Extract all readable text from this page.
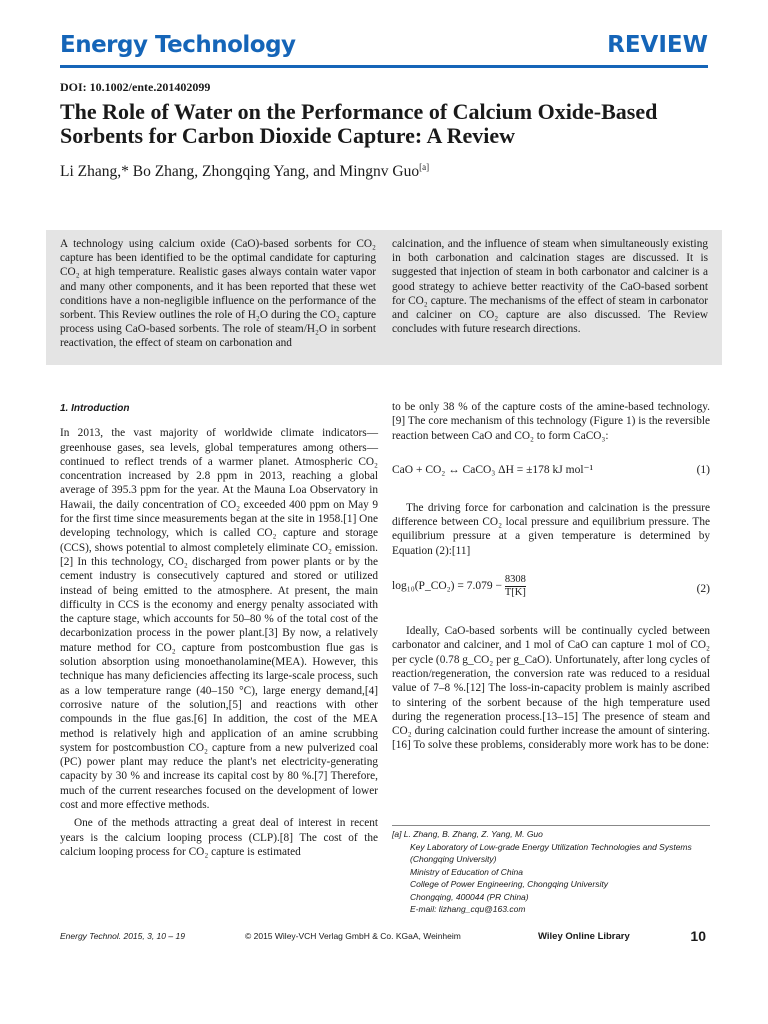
Energy Technology	REVIEW
DOI: 10.1002/ente.201402099
The Role of Water on the Performance of Calcium Oxide-Based Sorbents for Carbon Dioxide Capture: A Review
Li Zhang,* Bo Zhang, Zhongqing Yang, and Mingnv Guo[a]
A technology using calcium oxide (CaO)-based sorbents for CO₂ capture has been identified to be the optimal candidate for capturing CO₂ at high temperature. Realistic gases always contain water vapor and many other components, and it has been reported that these wet conditions have a non-negligible influence on the performance of the sorbent. This Review outlines the role of H₂O during the CO₂ capture process using CaO-based sorbents. The role of steam/H₂O in sorbent reactivation, the effect of steam on carbonation and
calcination, and the influence of steam when simultaneously existing in both carbonation and calcination stages are discussed. It is suggested that injection of steam in both carbonator and calciner is a good strategy to achieve better reactivity of the CaO-based sorbent for CO₂ capture. The mechanisms of the effect of steam in carbonator and calciner on CO₂ capture are also discussed. The Review concludes with future research directions.
1. Introduction

In 2013, the vast majority of worldwide climate indicators—greenhouse gases, sea levels, global temperatures among others—continued to reflect trends of a warmer planet. Atmospheric CO₂ concentration increased by 2.8 ppm in 2013, reaching a global average of 395.3 ppm for the year. At the Mauna Loa Observatory in Hawaii, the daily concentration of CO₂ exceeded 400 ppm on May 9 for the first time since measurements began at the site in 1958.[1] One developing technology, which is called CO₂ capture and storage (CCS), shows potential to almost completely eliminate CO₂ emission.[2] In this technology, CO₂ discharged from power plants or by the cement industry is consecutively captured and stored or utilized instead of being emitted to the atmosphere. At present, the main difficulty in CCS is the economy and energy penalty associated with the capture stage, which accounts for 50–80 % of the total cost of the decarbonization process in the power plant.[3] By now, a relatively mature method for CO₂ capture from postcombustion flue gas is solution absorption using monoethanolamine(MEA). However, this technique has many deficiencies affecting its large-scale process, such as a low temperature range (40–150 °C), large energy demand,[4] corrosive nature of the solution,[5] and reactions with other compounds in the flue gas.[6] In addition, the cost of the MEA method is relatively high and application of an amine scrubbing system for postcombustion CO₂ capture from a new pulverized coal (PC) power plant may reduce the plant's net electricity-generating capacity by 30 % and increase its capital cost by 80 %.[7] Therefore, much of the current researches focused on the development of lower cost and more effective methods.

One of the methods attracting a great deal of interest in recent years is the calcium looping process (CLP).[8] The cost of the calcium looping process for CO₂ capture is estimated

to be only 38 % of the capture costs of the amine-based technology.[9] The core mechanism of this technology (Figure 1) is the reversible reaction between CaO and CO₂ to form CaCO₃:

CaO + CO₂ ↔ CaCO₃ ΔH = ±178 kJ mol⁻¹	(1)

The driving force for carbonation and calcination is the pressure difference between CO₂ local pressure and equilibrium pressure. The equilibrium pressure at a given temperature is determined by Equation (2):[11]

log₁₀(P_CO₂) = $7.079 - \frac{8308}{T[K]}$	(2)

Ideally, CaO-based sorbents will be continually cycled between carbonator and calciner, and 1 mol of CaO can capture 1 mol of CO₂ per cycle (0.78 g_CO₂ per g_CaO). Unfortunately, after long cycles of reaction/regeneration, the conversion rate was reduced to a residual value of 7–8 %.[12] The loss-in-capacity problem is mainly ascribed to sintering of the sorbent because of the high temperature used during the regeneration process.[13–15] The presence of steam and CO₂ during calcination could further increase the amount of sintering.[16] To solve these problems, considerably more work has to be done:

[a] L. Zhang, B. Zhang, Z. Yang, M. Guo
Key Laboratory of Low-grade Energy Utilization Technologies and Systems
(Chongqing University)
Ministry of Education of China
College of Power Engineering, Chongqing University
Chongqing, 400044 (PR China)
E-mail: lizhang_cqu@163.com
Energy Technol. 2015, 3, 10 – 19	© 2015 Wiley-VCH Verlag GmbH & Co. KGaA, Weinheim	Wiley Online Library	10
